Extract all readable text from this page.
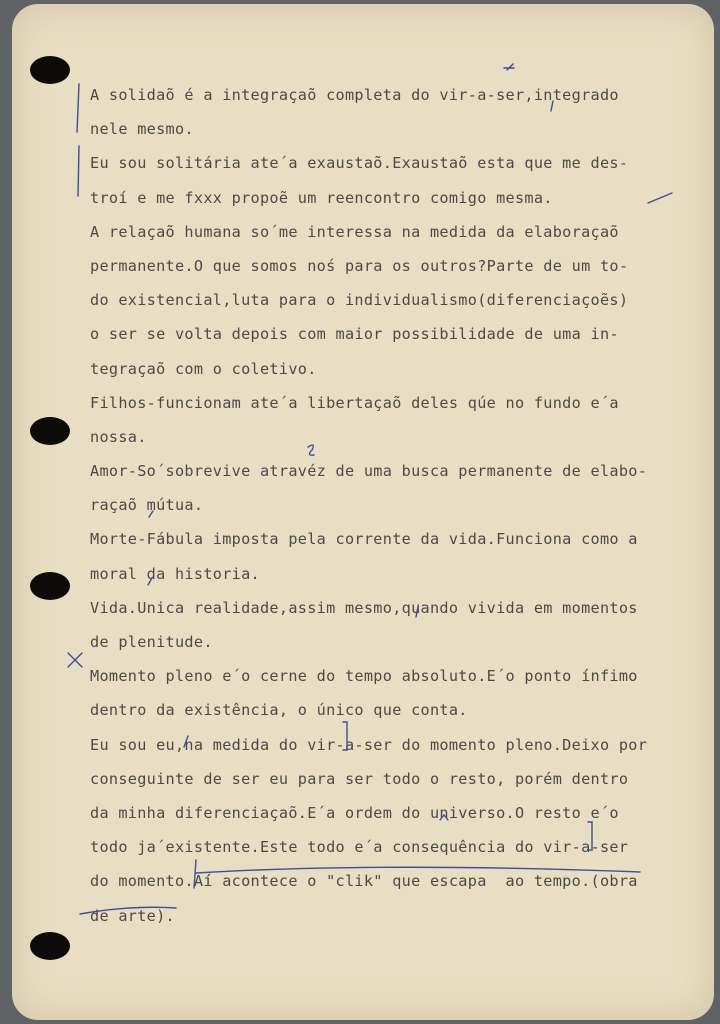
A solidaõ é a integraçaõ completa do vir-a-ser,integrado
nele mesmo.
Eu sou solitária ate´a exaustaõ.Exaustaõ esta que me des-
troí e me fxxx propoẽ um reencontro comigo mesma.
A relaçaõ humana so´me interessa na medida da elaboraçaõ
permanente.O que somos noś para os outros?Parte de um to-
do existencial,luta para o individualismo(diferenciaçoẽs)
o ser se volta depois com maior possibilidade de uma in-
tegraçaõ com o coletivo.
Filhos-funcionam ate´a libertaçaõ deles qúe no fundo e´a
nossa.
Amor-So´sobrevive atravéz de uma busca permanente de elabo-
raçaõ mútua.
Morte-Fábula imposta pela corrente da vida.Funciona como a
moral da historia.
Vida.Unica realidade,assim mesmo,quando vivida em momentos
de plenitude.
Momento pleno e´o cerne do tempo absoluto.E´o ponto ínfimo
dentro da existência, o único que conta.
Eu sou eu,na medida do vir-a-ser do momento pleno.Deixo por
conseguinte de ser eu para ser todo o resto, porém dentro
da minha diferenciaçaõ.E´a ordem do universo.O resto e´o
todo ja´existente.Este todo e´a consequência do vir-a-ser
do momento.Aí acontece o "clik" que escapa  ao tempo.(obra
de arte).
